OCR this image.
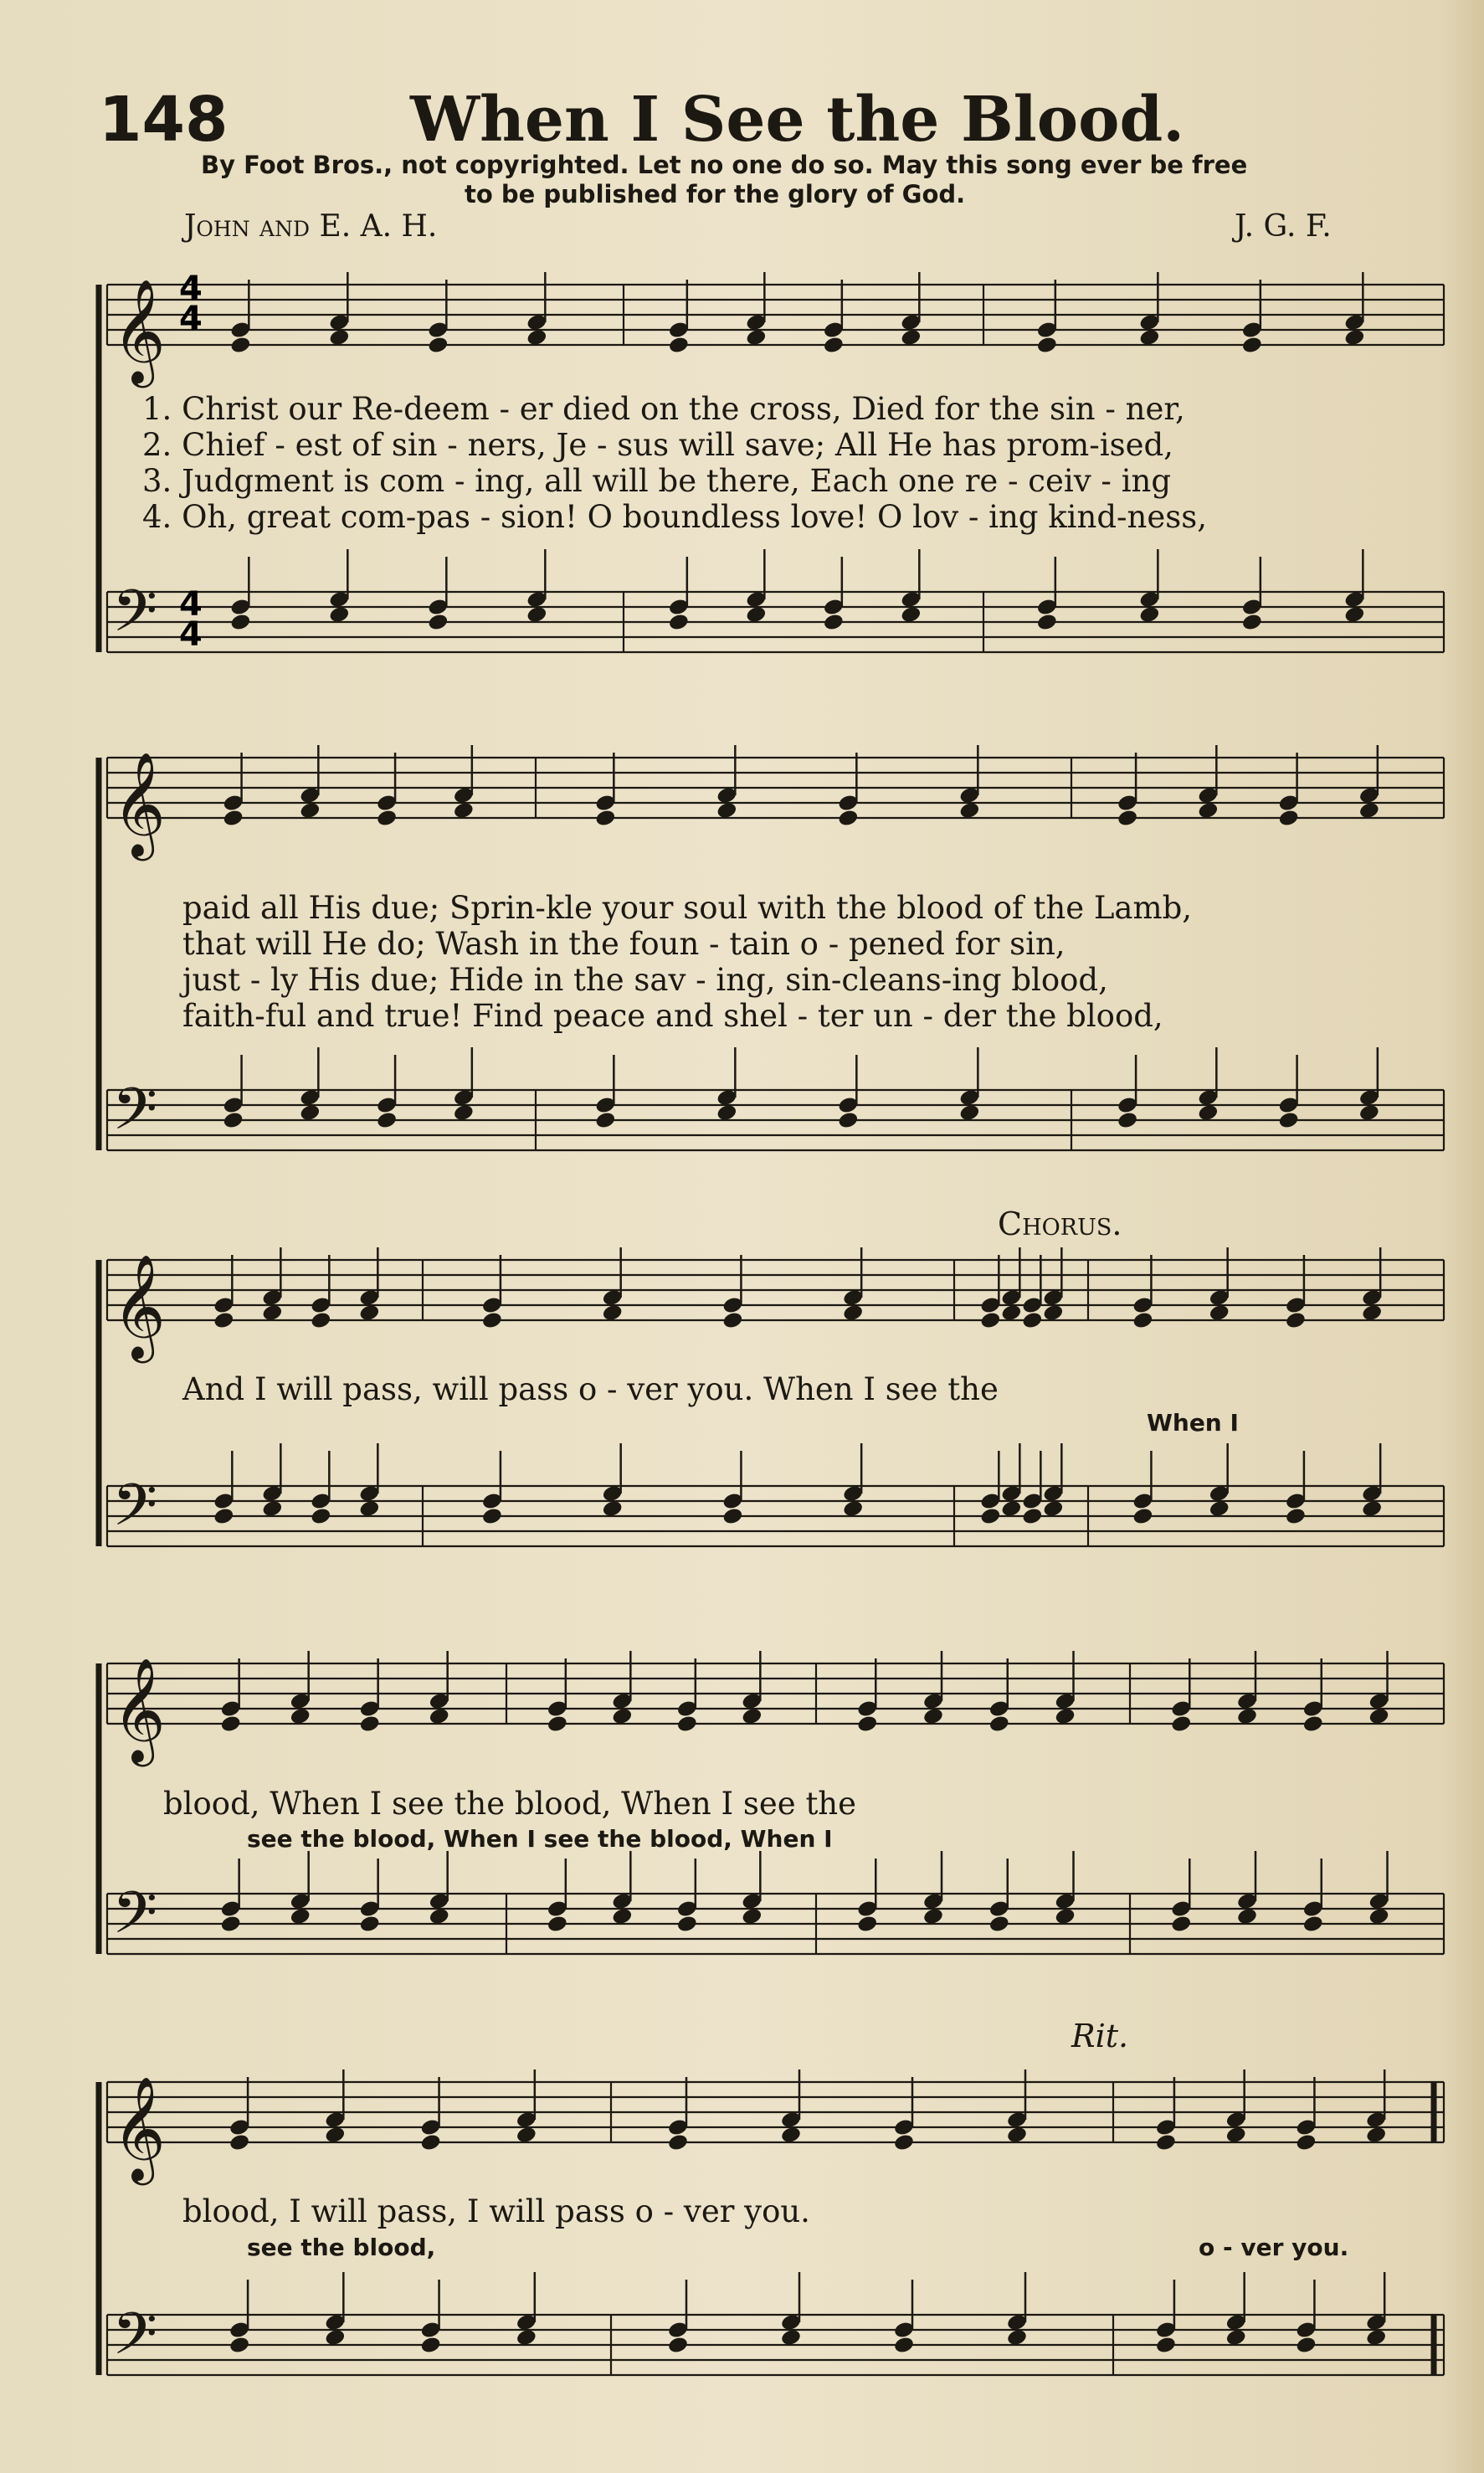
148	When I See the Blood.
By Foot Bros., not copyrighted. Let no one do so. May this song ever be free
to be published for the glory of God.
John and E. A. H.	J. G. F.
𝄞
𝄢
𝄞
𝄢
𝄞
𝄢
𝄞
𝄢
𝄞
𝄢
4
4
4
4
1. Christ our Re-deem - er died on the cross, Died for the sin - ner,
2. Chief - est of sin - ners, Je - sus will save; All He has prom-ised,
3. Judgment is com - ing, all will be there, Each one re - ceiv - ing
4. Oh, great com-pas - sion! O boundless love! O lov - ing kind-ness,
paid all His due; Sprin-kle your soul with the blood of the Lamb,
that will He do; Wash in the foun - tain o - pened for sin,
just - ly His due; Hide in the sav - ing, sin-cleans-ing blood,
faith-ful and true! Find peace and shel - ter un - der the blood,
Chorus.
And I will pass, will pass o - ver you. When I see the
When I
blood, When I see the blood, When I see the
see the blood, When I see the blood, When I
Rit.
blood, I will pass, I will pass o - ver you.
see the blood,	o - ver you.
